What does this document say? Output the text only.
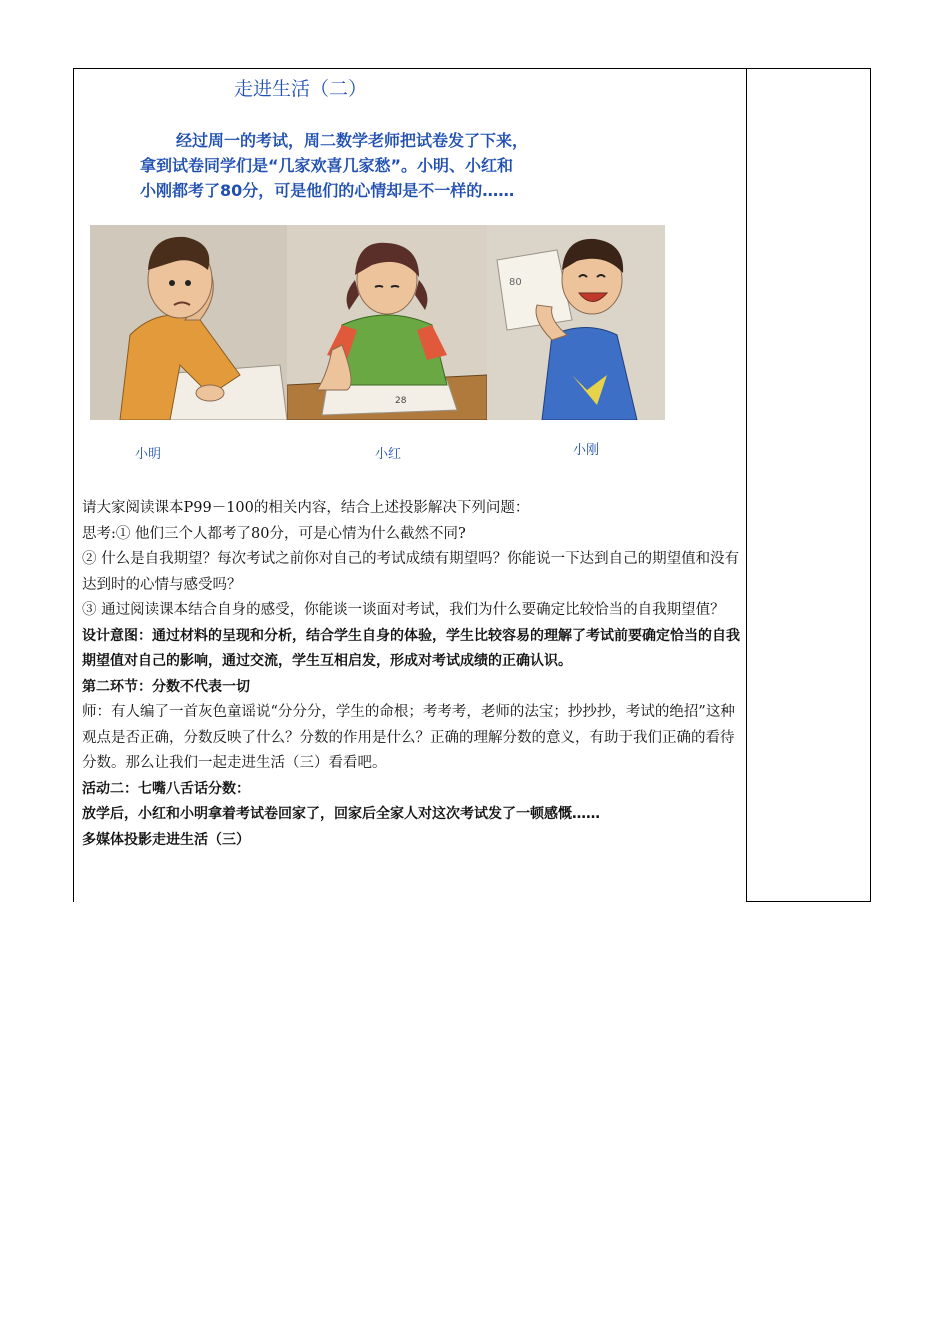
走进生活（二）
经过周一的考试，周二数学老师把试卷发了下来，
拿到试卷同学们是“几家欢喜几家愁”。小明、小红和
小刚都考了80分，可是他们的心情却是不一样的……
28
80
小明	小红	小刚

请大家阅读课本P99－100的相关内容，结合上述投影解决下列问题：

思考:① 他们三个人都考了80分，可是心情为什么截然不同?

② 什么是自我期望？每次考试之前你对自己的考试成绩有期望吗？你能说一下达到自己的期望值和没有达到时的心情与感受吗？

③ 通过阅读课本结合自身的感受，你能谈一谈面对考试，我们为什么要确定比较恰当的自我期望值？

设计意图：通过材料的呈现和分析，结合学生自身的体验，学生比较容易的理解了考试前要确定恰当的自我期望值对自己的影响，通过交流，学生互相启发，形成对考试成绩的正确认识。

第二环节：分数不代表一切

师：有人编了一首灰色童谣说“分分分，学生的命根；考考考，老师的法宝；抄抄抄，考试的绝招”这种观点是否正确，分数反映了什么？分数的作用是什么？正确的理解分数的意义，有助于我们正确的看待分数。那么让我们一起走进生活（三）看看吧。

活动二：七嘴八舌话分数：

放学后，小红和小明拿着考试卷回家了，回家后全家人对这次考试发了一顿感慨……

多媒体投影走进生活（三）
